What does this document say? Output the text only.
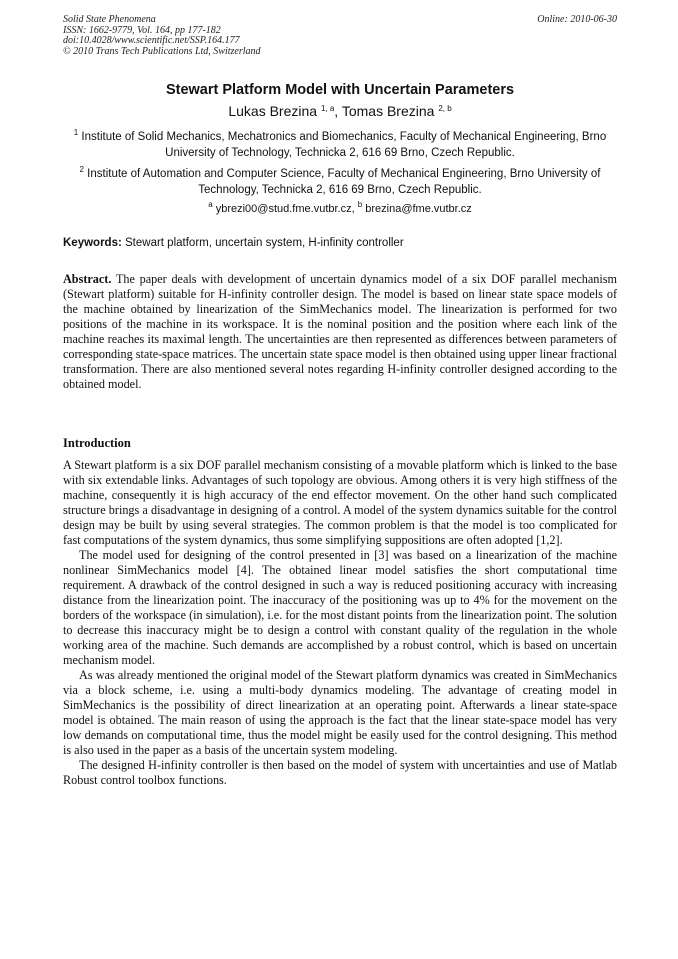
Solid State Phenomena
ISSN: 1662-9779, Vol. 164, pp 177-182
doi:10.4028/www.scientific.net/SSP.164.177
© 2010 Trans Tech Publications Ltd, Switzerland
Online: 2010-06-30
Stewart Platform Model with Uncertain Parameters
Lukas Brezina $^{1, a}$, Tomas Brezina $^{2, b}$
$^1$ Institute of Solid Mechanics, Mechatronics and Biomechanics, Faculty of Mechanical Engineering, Brno University of Technology, Technicka 2, 616 69 Brno, Czech Republic.
$^2$ Institute of Automation and Computer Science, Faculty of Mechanical Engineering, Brno University of Technology, Technicka 2, 616 69 Brno, Czech Republic.
$^a$ ybrezi00@stud.fme.vutbr.cz, $^b$ brezina@fme.vutbr.cz
Keywords: Stewart platform, uncertain system, H-infinity controller
Abstract. The paper deals with development of uncertain dynamics model of a six DOF parallel mechanism (Stewart platform) suitable for H-infinity controller design. The model is based on linear state space models of the machine obtained by linearization of the SimMechanics model. The linearization is performed for two positions of the machine in its workspace. It is the nominal position and the position where each link of the machine reaches its maximal length. The uncertainties are then represented as differences between parameters of corresponding state-space matrices. The uncertain state space model is then obtained using upper linear fractional transformation. There are also mentioned several notes regarding H-infinity controller designed according to the obtained model.
Introduction

A Stewart platform is a six DOF parallel mechanism consisting of a movable platform which is linked to the base with six extendable links. Advantages of such topology are obvious. Among others it is very high stiffness of the machine, consequently it is high accuracy of the end effector movement. On the other hand such complicated structure brings a disadvantage in designing of a control. A model of the system dynamics suitable for the control design may be built by using several strategies. The common problem is that the model is too complicated for fast computations of the system dynamics, thus some simplifying suppositions are often adopted [1,2].

The model used for designing of the control presented in [3] was based on a linearization of the machine nonlinear SimMechanics model [4]. The obtained linear model satisfies the short computational time requirement. A drawback of the control designed in such a way is reduced positioning accuracy with increasing distance from the linearization point. The inaccuracy of the positioning was up to 4% for the movement on the borders of the workspace (in simulation), i.e. for the most distant points from the linearization point. The solution to decrease this inaccuracy might be to design a control with constant quality of the regulation in the whole working area of the machine. Such demands are accomplished by a robust control, which is based on uncertain mechanism model.

As was already mentioned the original model of the Stewart platform dynamics was created in SimMechanics via a block scheme, i.e. using a multi-body dynamics modeling. The advantage of creating model in SimMechanics is the possibility of direct linearization at an operating point. Afterwards a linear state-space model is obtained. The main reason of using the approach is the fact that the linear state-space model has very low demands on computational time, thus the model might be easily used for the control designing. This method is also used in the paper as a basis of the uncertain system modeling.

The designed H-infinity controller is then based on the model of system with uncertainties and use of Matlab Robust control toolbox functions.
